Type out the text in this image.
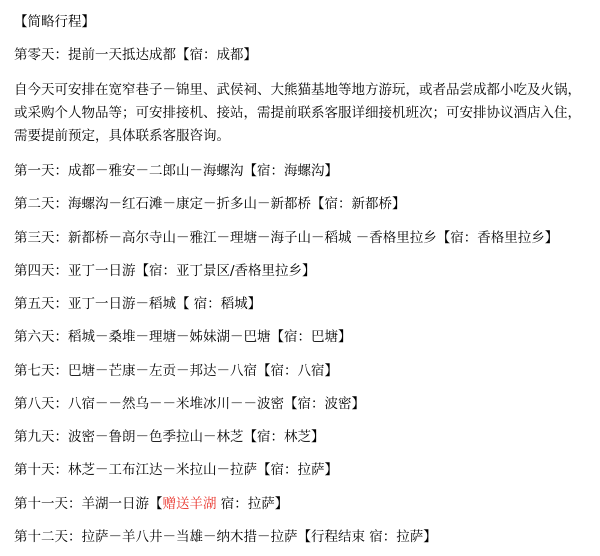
【简略行程】
第零天：提前一天抵达成都【宿：成都】
自今天可安排在宽窄巷子－锦里、武侯祠、大熊猫基地等地方游玩，或者品尝成都小吃及火锅，或采购个人物品等；可安排接机、接站，需提前联系客服详细接机班次；可安排协议酒店入住，需要提前预定，具体联系客服咨询。
第一天：成都－雅安－二郎山－海螺沟【宿：海螺沟】
第二天：海螺沟－红石滩－康定－折多山－新都桥【宿：新都桥】
第三天：新都桥－高尔寺山－雅江－理塘－海子山－稻城 －香格里拉乡【宿：香格里拉乡】
第四天：亚丁一日游【宿：亚丁景区/香格里拉乡】
第五天：亚丁一日游－稻城【 宿：稻城】
第六天：稻城－桑堆－理塘－姊妹湖－巴塘【宿：巴塘】
第七天：巴塘－芒康－左贡－邦达－八宿【宿：八宿】
第八天：八宿－－然乌－－米堆冰川－－波密【宿：波密】
第九天：波密－鲁朗－色季拉山－林芝【宿：林芝】
第十天：林芝－工布江达－米拉山－拉萨【宿：拉萨】
第十一天：羊湖一日游【赠送羊湖 宿：拉萨】
第十二天：拉萨－羊八井－当雄－纳木措－拉萨【行程结束 宿：拉萨】
